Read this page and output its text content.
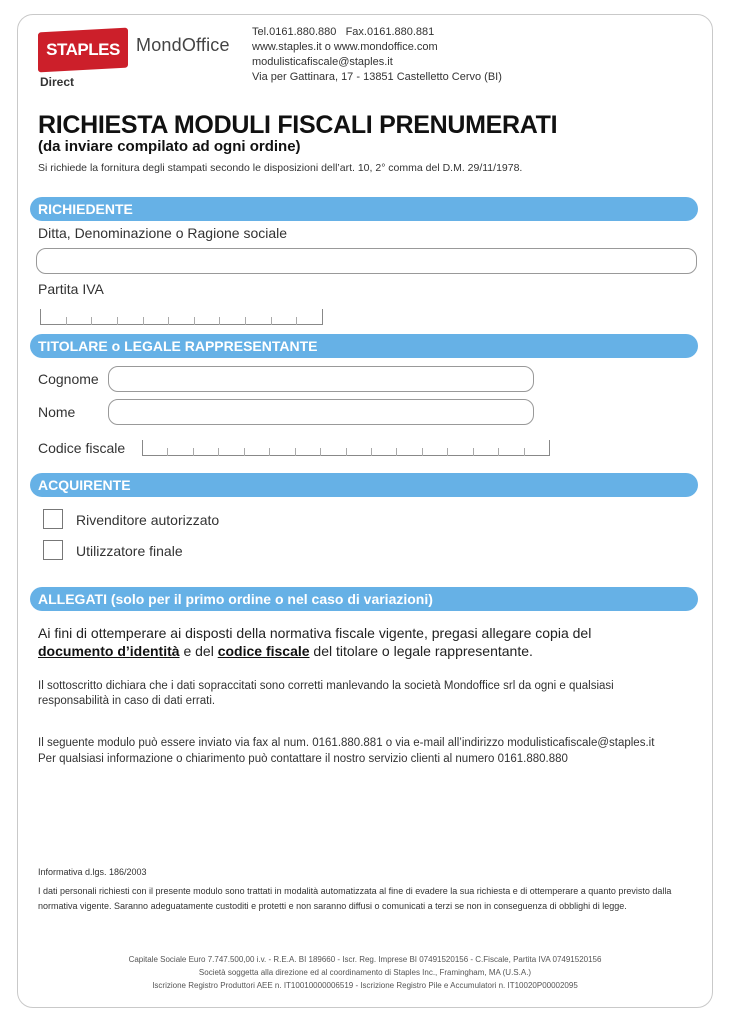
STAPLES
Direct
MondOffice
Tel.0161.880.880   Fax.0161.880.881
www.staples.it o www.mondoffice.com
modulisticafiscale@staples.it
Via per Gattinara, 17 - 13851 Castelletto Cervo (BI)
RICHIESTA MODULI FISCALI PRENUMERATI
(da inviare compilato ad ogni ordine)
Si richiede la fornitura degli stampati secondo le disposizioni dell’art. 10, 2° comma del D.M. 29/11/1978.
RICHIEDENTE
Ditta, Denominazione o Ragione sociale
Partita IVA
TITOLARE o LEGALE RAPPRESENTANTE
Cognome
Nome
Codice fiscale
ACQUIRENTE
Rivenditore autorizzato
Utilizzatore finale
ALLEGATI (solo per il primo ordine o nel caso di variazioni)
Ai fini di ottemperare ai disposti della normativa fiscale vigente, pregasi allegare copia del
documento d’identità e del codice fiscale del titolare o legale rappresentante.
Il sottoscritto dichiara che i dati sopraccitati sono corretti manlevando la società Mondoffice srl da ogni e qualsiasi responsabilità in caso di dati errati.
Il seguente modulo può essere inviato via fax al num. 0161.880.881 o via e-mail all’indirizzo modulisticafiscale@staples.it
Per qualsiasi informazione o chiarimento può contattare il nostro servizio clienti al numero 0161.880.880
Informativa d.lgs. 186/2003
I dati personali richiesti con il presente modulo sono trattati in modalità automatizzata al fine di evadere la sua richiesta e di ottemperare a quanto previsto dalla normativa vigente. Saranno adeguatamente custoditi e protetti e non saranno diffusi o comunicati a terzi se non in conseguenza di obblighi di legge.
Capitale Sociale Euro 7.747.500,00 i.v. - R.E.A. BI 189660 - Iscr. Reg. Imprese BI 07491520156 - C.Fiscale, Partita IVA 07491520156
Società soggetta alla direzione ed al coordinamento di Staples Inc., Framingham, MA (U.S.A.)
Iscrizione Registro Produttori AEE n. IT10010000006519 - Iscrizione Registro Pile e Accumulatori n. IT10020P00002095
